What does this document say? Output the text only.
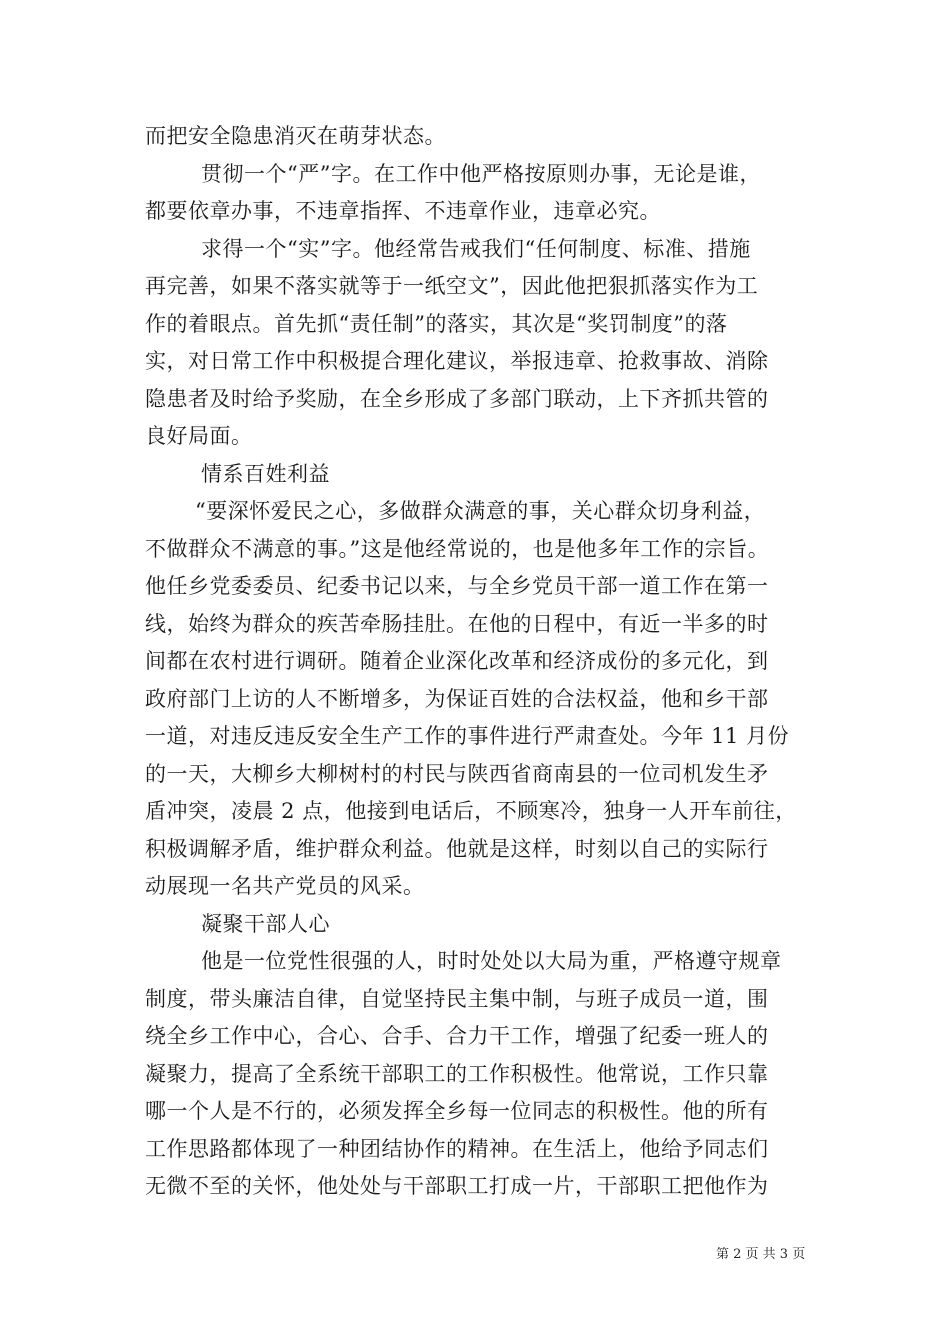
而把安全隐患消灭在萌芽状态。
贯彻一个“严”字。在工作中他严格按原则办事，无论是谁，
都要依章办事，不违章指挥、不违章作业，违章必究。
求得一个“实”字。他经常告戒我们“任何制度、标准、措施
再完善，如果不落实就等于一纸空文”，因此他把狠抓落实作为工
作的着眼点。首先抓“责任制”的落实，其次是“奖罚制度”的落
实，对日常工作中积极提合理化建议，举报违章、抢救事故、消除
隐患者及时给予奖励，在全乡形成了多部门联动，上下齐抓共管的
良好局面。
情系百姓利益
“要深怀爱民之心，多做群众满意的事，关心群众切身利益，
不做群众不满意的事。”这是他经常说的，也是他多年工作的宗旨。
他任乡党委委员、纪委书记以来，与全乡党员干部一道工作在第一
线，始终为群众的疾苦牵肠挂肚。在他的日程中，有近一半多的时
间都在农村进行调研。随着企业深化改革和经济成份的多元化，到
政府部门上访的人不断增多，为保证百姓的合法权益，他和乡干部
一道，对违反违反安全生产工作的事件进行严肃查处。今年 11 月份
的一天，大柳乡大柳树村的村民与陕西省商南县的一位司机发生矛
盾冲突，凌晨 2 点，他接到电话后，不顾寒冷，独身一人开车前往，
积极调解矛盾，维护群众利益。他就是这样，时刻以自己的实际行
动展现一名共产党员的风采。
凝聚干部人心
他是一位党性很强的人，时时处处以大局为重，严格遵守规章
制度，带头廉洁自律，自觉坚持民主集中制，与班子成员一道，围
绕全乡工作中心，合心、合手、合力干工作，增强了纪委一班人的
凝聚力，提高了全系统干部职工的工作积极性。他常说，工作只靠
哪一个人是不行的，必须发挥全乡每一位同志的积极性。他的所有
工作思路都体现了一种团结协作的精神。在生活上，他给予同志们
无微不至的关怀，他处处与干部职工打成一片，干部职工把他作为
第 2 页 共 3 页
